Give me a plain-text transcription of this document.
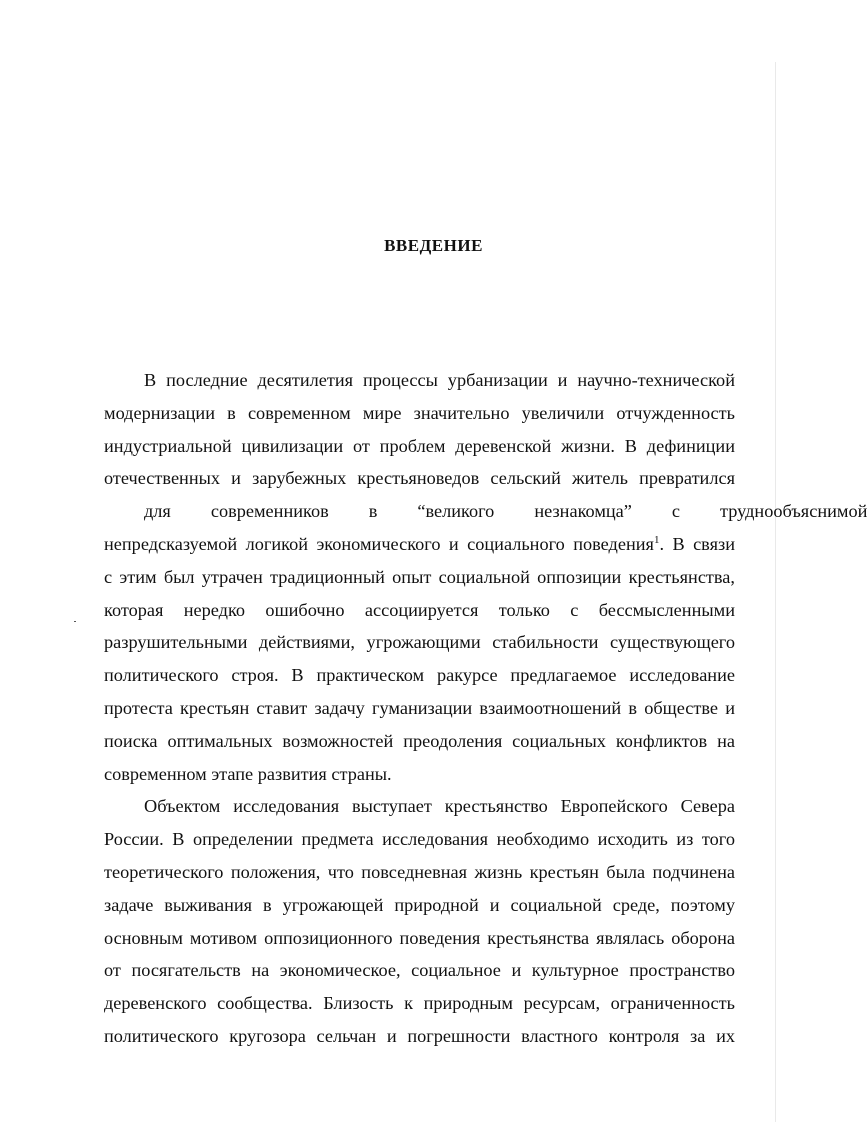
ВВЕДЕНИЕ
В последние десятилетия процессы урбанизации и научно-технической
модернизации в современном мире значительно увеличили отчужденность
индустриальной цивилизации от проблем деревенской жизни. В дефиниции
отечественных и зарубежных крестьяноведов сельский житель превратился
для	современников	в	“великого	незнакомца”	с	труднообъяснимой
непредсказуемой логикой экономического и социального поведения$^1$. В связи
с этим был утрачен традиционный опыт социальной оппозиции крестьянства,
которая нередко ошибочно ассоциируется только с бессмысленными
разрушительными действиями, угрожающими стабильности существующего
политического строя. В практическом ракурсе предлагаемое исследование
протеста крестьян ставит задачу гуманизации взаимоотношений в обществе и
поиска оптимальных возможностей преодоления социальных конфликтов на
современном этапе развития страны.
Объектом исследования выступает крестьянство Европейского Севера
России. В определении предмета исследования необходимо исходить из того
теоретического положения, что повседневная жизнь крестьян была подчинена
задаче выживания в угрожающей природной и социальной среде, поэтому
основным мотивом оппозиционного поведения крестьянства являлась оборона
от посягательств на экономическое, социальное и культурное пространство
деревенского сообщества. Близость к природным ресурсам, ограниченность
политического кругозора сельчан и погрешности властного контроля за их
